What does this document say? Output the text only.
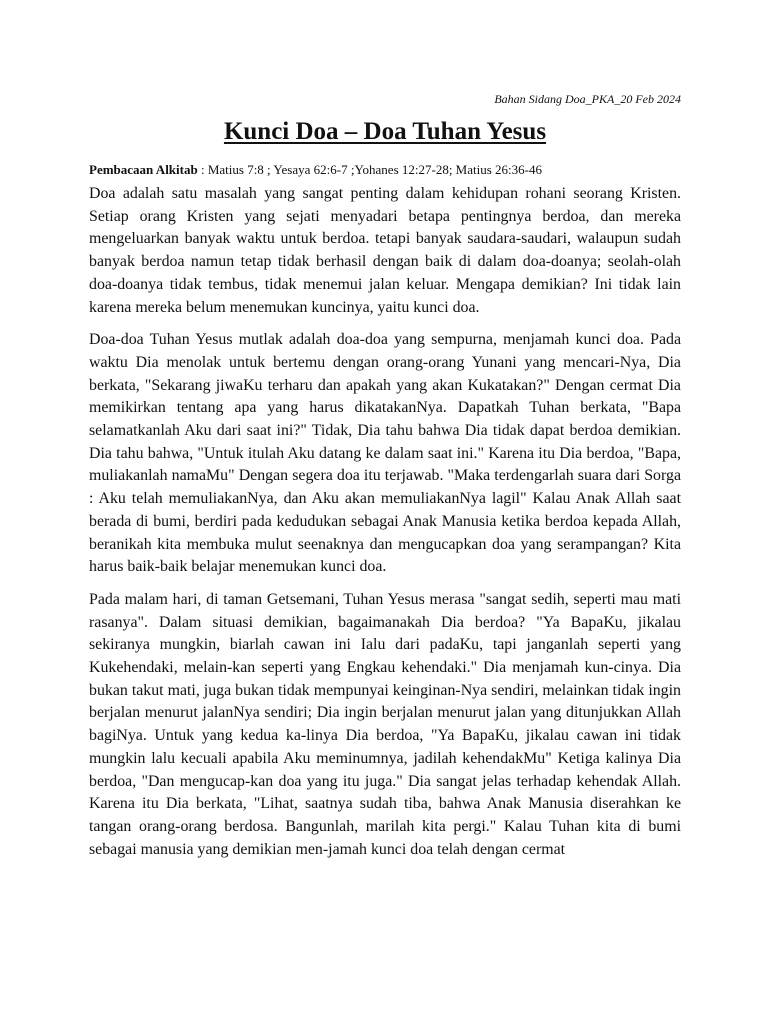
Bahan Sidang Doa_PKA_20 Feb 2024
Kunci Doa – Doa Tuhan Yesus
Pembacaan Alkitab : Matius 7:8 ; Yesaya 62:6-7 ;Yohanes 12:27-28; Matius 26:36-46

Doa adalah satu masalah yang sangat penting dalam kehidupan rohani seorang Kristen. Setiap orang Kristen yang sejati menyadari betapa pentingnya berdoa, dan mereka mengeluarkan banyak waktu untuk berdoa. tetapi banyak saudara-saudari, walaupun sudah banyak berdoa namun tetap tidak berhasil dengan baik di dalam doa-doanya; seolah-olah doa-doanya tidak tembus, tidak menemui jalan keluar. Mengapa demikian? Ini tidak lain karena mereka belum menemukan kuncinya, yaitu kunci doa.

Doa-doa Tuhan Yesus mutlak adalah doa-doa yang sempurna, menjamah kunci doa. Pada waktu Dia menolak untuk bertemu dengan orang-orang Yunani yang mencari-Nya, Dia berkata, "Sekarang jiwaKu terharu dan apakah yang akan Kukatakan?" Dengan cermat Dia memikirkan tentang apa yang harus dikatakanNya. Dapatkah Tuhan berkata, "Bapa selamatkanlah Aku dari saat ini?" Tidak, Dia tahu bahwa Dia tidak dapat berdoa demikian. Dia tahu bahwa, "Untuk itulah Aku datang ke dalam saat ini." Karena itu Dia berdoa, "Bapa, muliakanlah namaMu" Dengan segera doa itu terjawab. "Maka terdengarlah suara dari Sorga : Aku telah memuliakanNya, dan Aku akan memuliakanNya lagil" Kalau Anak Allah saat berada di bumi, berdiri pada kedudukan sebagai Anak Manusia ketika berdoa kepada Allah, beranikah kita membuka mulut seenaknya dan mengucapkan doa yang serampangan? Kita harus baik-baik belajar menemukan kunci doa.

Pada malam hari, di taman Getsemani, Tuhan Yesus merasa "sangat sedih, seperti mau mati rasanya". Dalam situasi demikian, bagaimanakah Dia berdoa? "Ya BapaKu, jikalau sekiranya mungkin, biarlah cawan ini Ialu dari padaKu, tapi janganlah seperti yang Kukehendaki, melain-kan seperti yang Engkau kehendaki." Dia menjamah kun-cinya. Dia bukan takut mati, juga bukan tidak mempunyai keinginan-Nya sendiri, melainkan tidak ingin berjalan menurut jalanNya sendiri; Dia ingin berjalan menurut jalan yang ditunjukkan Allah bagiNya. Untuk yang kedua ka-linya Dia berdoa, "Ya BapaKu, jikalau cawan ini tidak mungkin lalu kecuali apabila Aku meminumnya, jadilah kehendakMu" Ketiga kalinya Dia berdoa, "Dan mengucap-kan doa yang itu juga." Dia sangat jelas terhadap kehendak Allah. Karena itu Dia berkata, "Lihat, saatnya sudah tiba, bahwa Anak Manusia diserahkan ke tangan orang-orang berdosa. Bangunlah, marilah kita pergi." Kalau Tuhan kita di bumi sebagai manusia yang demikian men-jamah kunci doa telah dengan cermat
